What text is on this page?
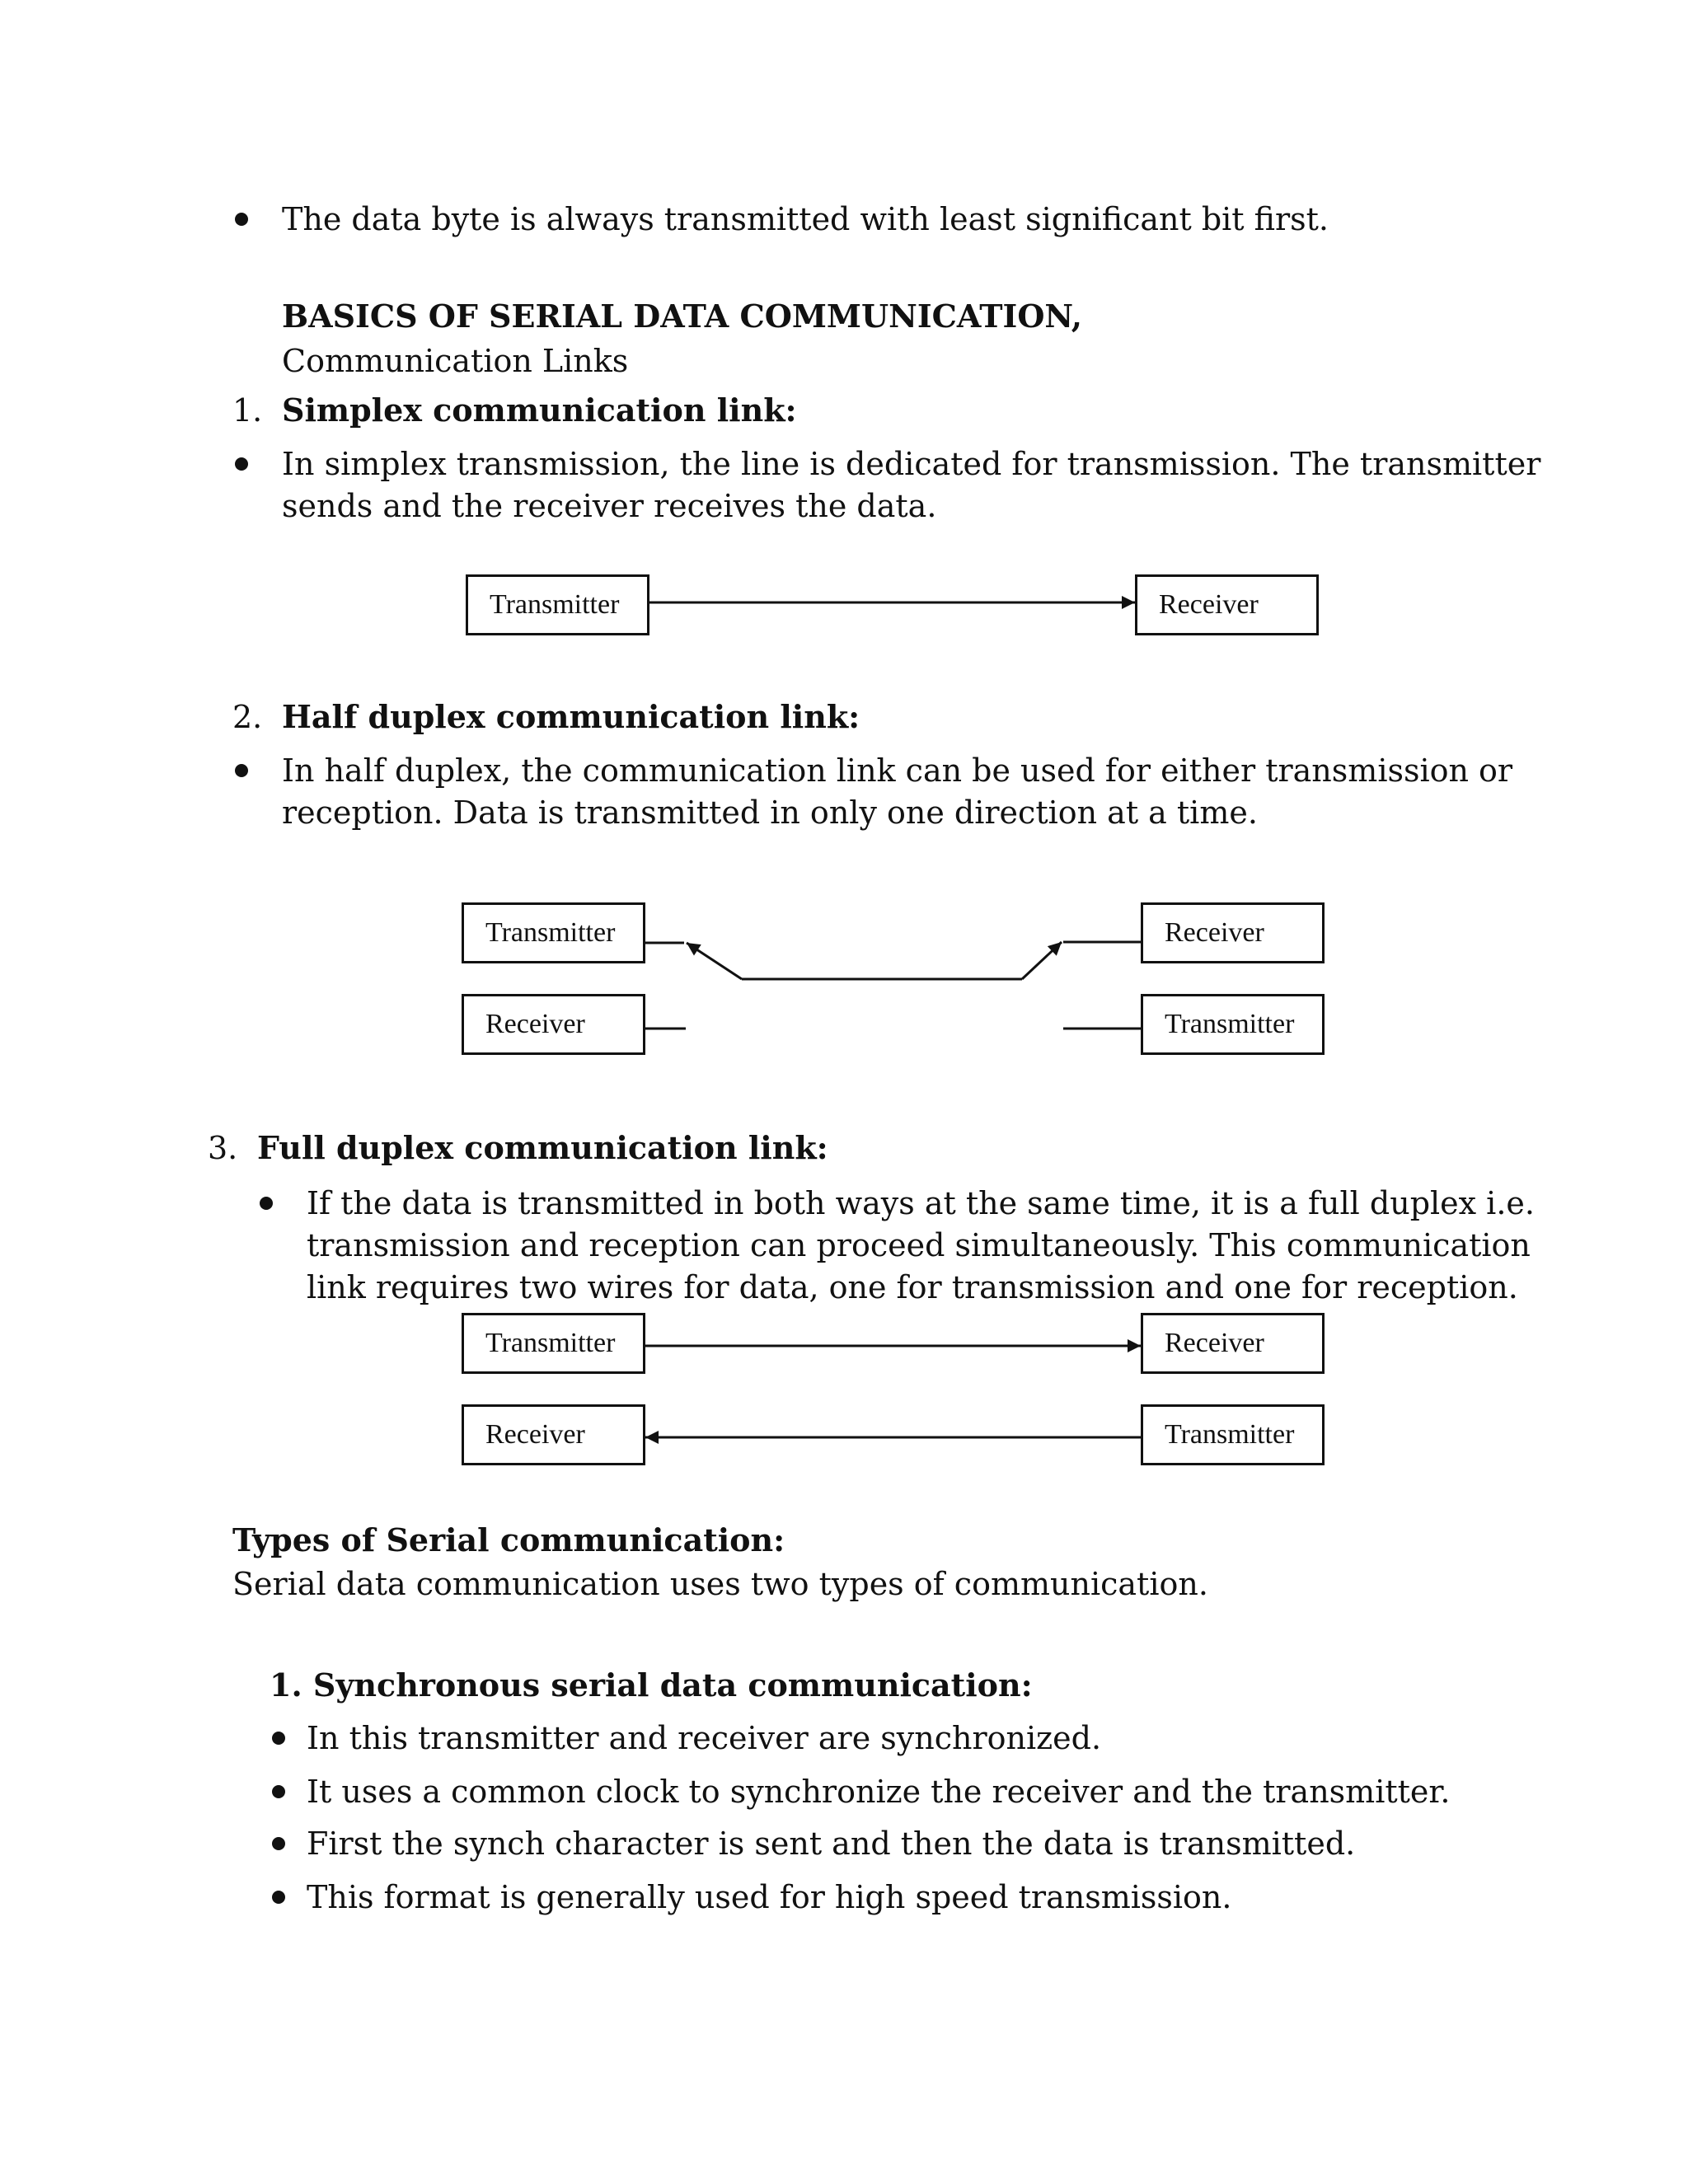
The data byte is always transmitted with least significant bit first.
BASICS OF SERIAL DATA COMMUNICATION,
Communication Links
1. Simplex communication link:
In simplex transmission, the line is dedicated for transmission. The transmitter
sends and the receiver receives the data.
Transmitter	Receiver
2. Half duplex communication link:
In half duplex, the communication link can be used for either transmission or
reception. Data is transmitted in only one direction at a time.
Transmitter
Receiver
Receiver
Transmitter
3. Full duplex communication link:
If the data is transmitted in both ways at the same time, it is a full duplex i.e.
transmission and reception can proceed simultaneously. This communication
link requires two wires for data, one for transmission and one for reception.
Transmitter
Receiver
Receiver
Transmitter
Types of Serial communication:
Serial data communication uses two types of communication.
1. Synchronous serial data communication:
In this transmitter and receiver are synchronized.
It uses a common clock to synchronize the receiver and the transmitter.
First the synch character is sent and then the data is transmitted.
This format is generally used for high speed transmission.
